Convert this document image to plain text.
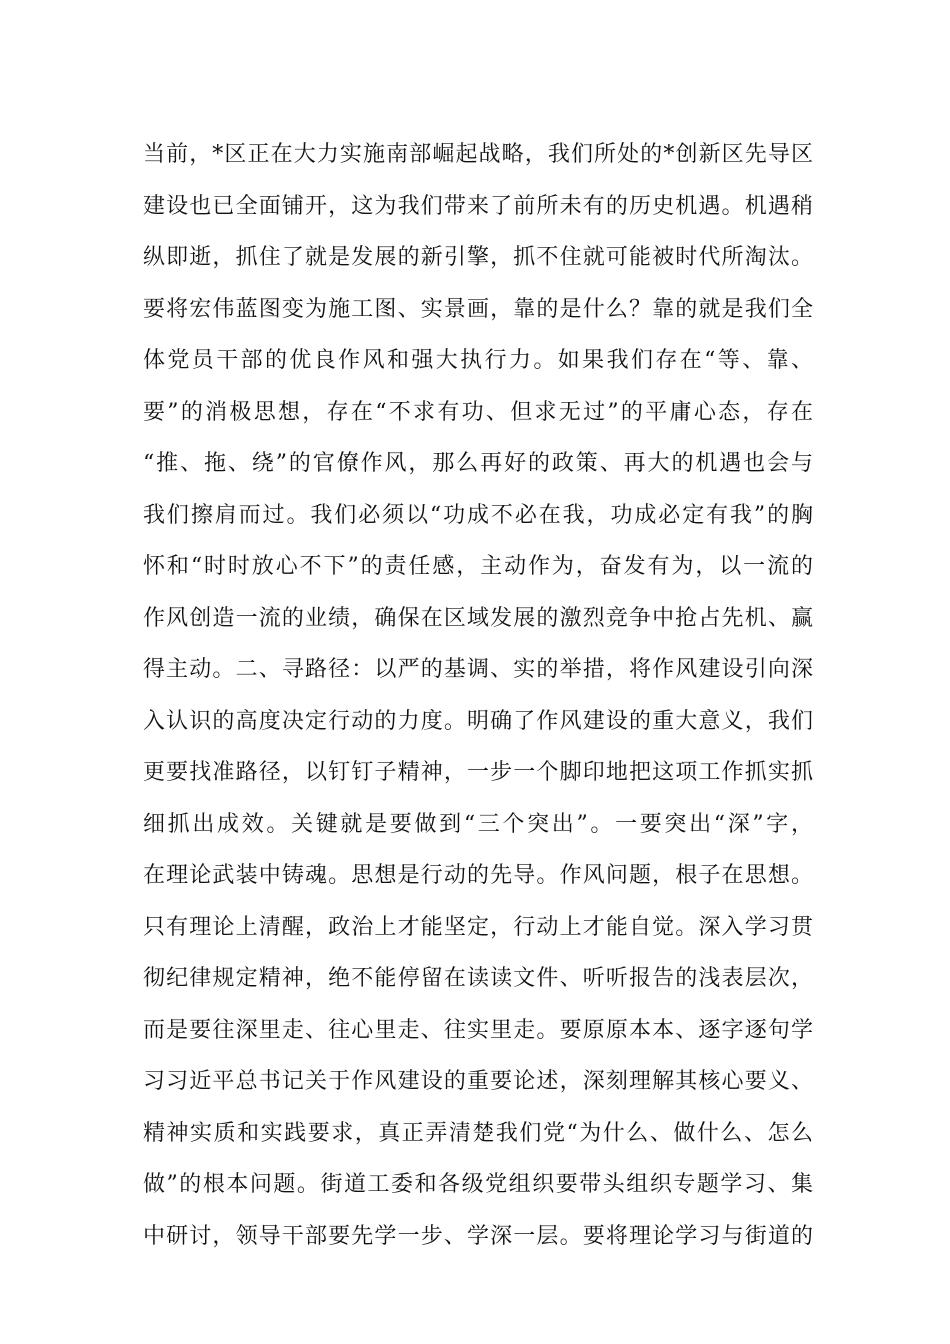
当前，*区正在大力实施南部崛起战略，我们所处的*创新区先导区
建设也已全面铺开，这为我们带来了前所未有的历史机遇。机遇稍
纵即逝，抓住了就是发展的新引擎，抓不住就可能被时代所淘汰。
要将宏伟蓝图变为施工图、实景画，靠的是什么？靠的就是我们全
体党员干部的优良作风和强大执行力。如果我们存在“等、靠、
要”的消极思想，存在“不求有功、但求无过”的平庸心态，存在
“推、拖、绕”的官僚作风，那么再好的政策、再大的机遇也会与
我们擦肩而过。我们必须以“功成不必在我，功成必定有我”的胸
怀和“时时放心不下”的责任感，主动作为，奋发有为，以一流的
作风创造一流的业绩，确保在区域发展的激烈竞争中抢占先机、赢
得主动。二、寻路径：以严的基调、实的举措，将作风建设引向深
入认识的高度决定行动的力度。明确了作风建设的重大意义，我们
更要找准路径，以钉钉子精神，一步一个脚印地把这项工作抓实抓
细抓出成效。关键就是要做到“三个突出”。一要突出“深”字，
在理论武装中铸魂。思想是行动的先导。作风问题，根子在思想。
只有理论上清醒，政治上才能坚定，行动上才能自觉。深入学习贯
彻纪律规定精神，绝不能停留在读读文件、听听报告的浅表层次，
而是要往深里走、往心里走、往实里走。要原原本本、逐字逐句学
习习近平总书记关于作风建设的重要论述，深刻理解其核心要义、
精神实质和实践要求，真正弄清楚我们党“为什么、做什么、怎么
做”的根本问题。街道工委和各级党组织要带头组织专题学习、集
中研讨，领导干部要先学一步、学深一层。要将理论学习与街道的
